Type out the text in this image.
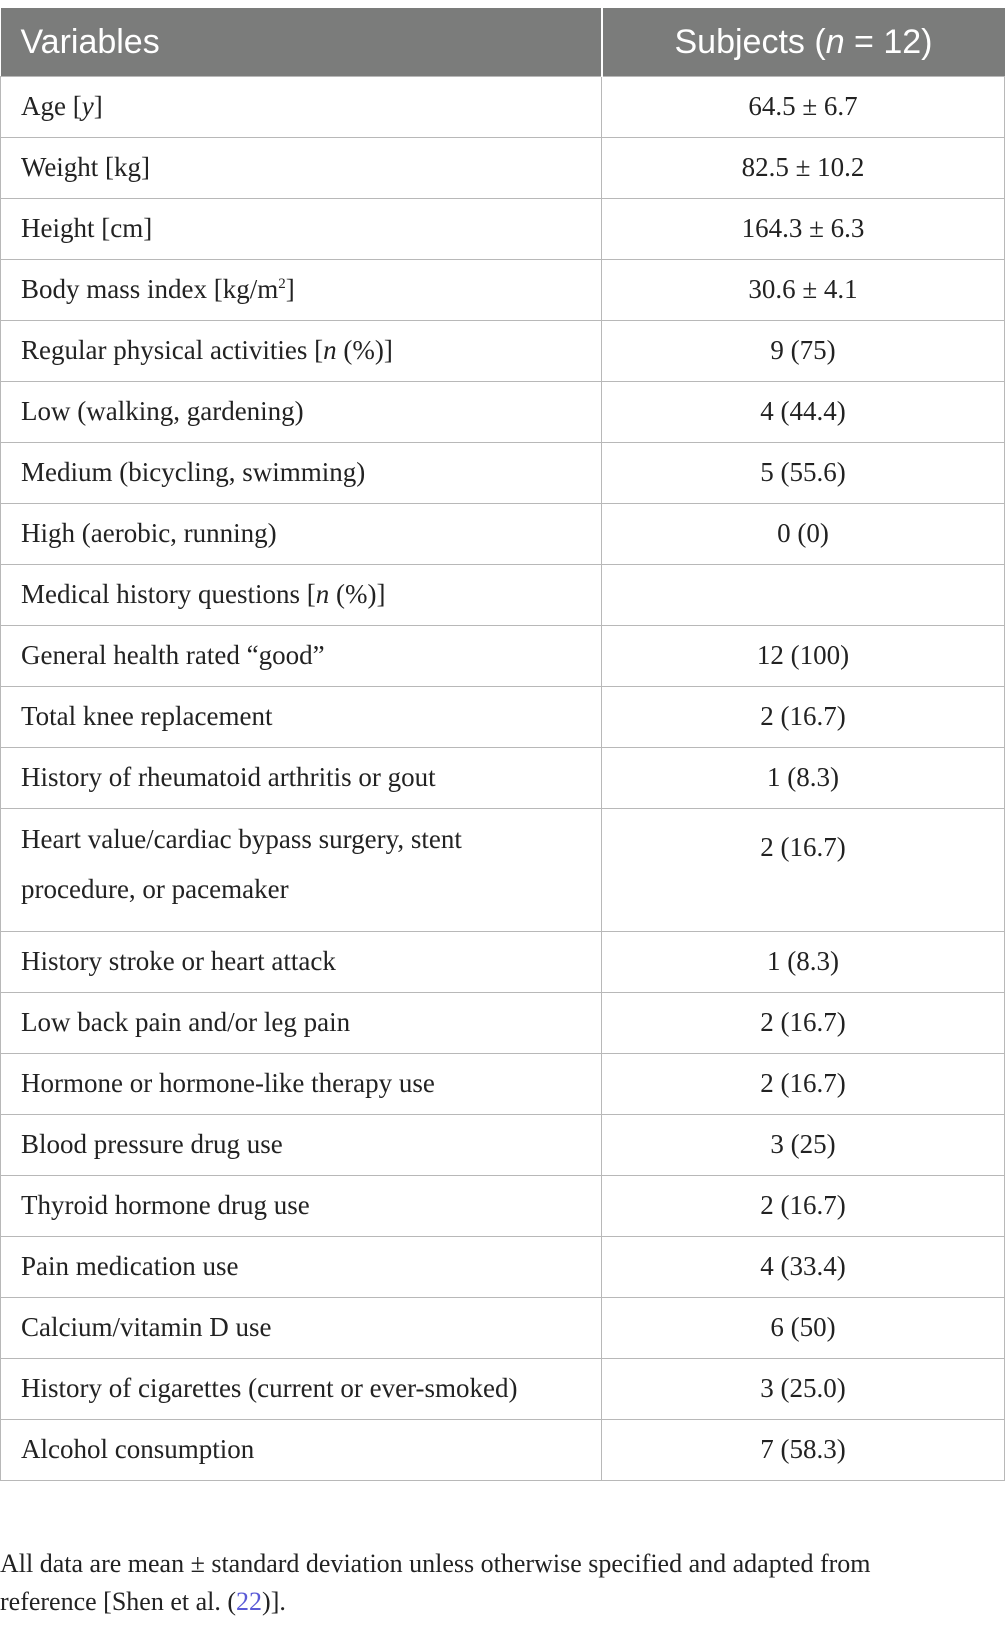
Variables	Subjects (n = 12)
Age [y]	64.5 ± 6.7
Weight [kg]	82.5 ± 10.2
Height [cm]	164.3 ± 6.3
Body mass index $[kg/m^2]$	30.6 ± 4.1
Regular physical activities [n (%)]	9 (75)
Low (walking, gardening)	4 (44.4)
Medium (bicycling, swimming)	5 (55.6)
High (aerobic, running)	0 (0)
Medical history questions [n (%)]	
General health rated “good”	12 (100)
Total knee replacement	2 (16.7)
History of rheumatoid arthritis or gout	1 (8.3)
Heart value/cardiac bypass surgery, stent procedure, or pacemaker	2 (16.7)
History stroke or heart attack	1 (8.3)
Low back pain and/or leg pain	2 (16.7)
Hormone or hormone-like therapy use	2 (16.7)
Blood pressure drug use	3 (25)
Thyroid hormone drug use	2 (16.7)
Pain medication use	4 (33.4)
Calcium/vitamin D use	6 (50)
History of cigarettes (current or ever-smoked)	3 (25.0)
Alcohol consumption	7 (58.3)

All data are mean ± standard deviation unless otherwise specified and adapted from reference [Shen et al. (22)].
